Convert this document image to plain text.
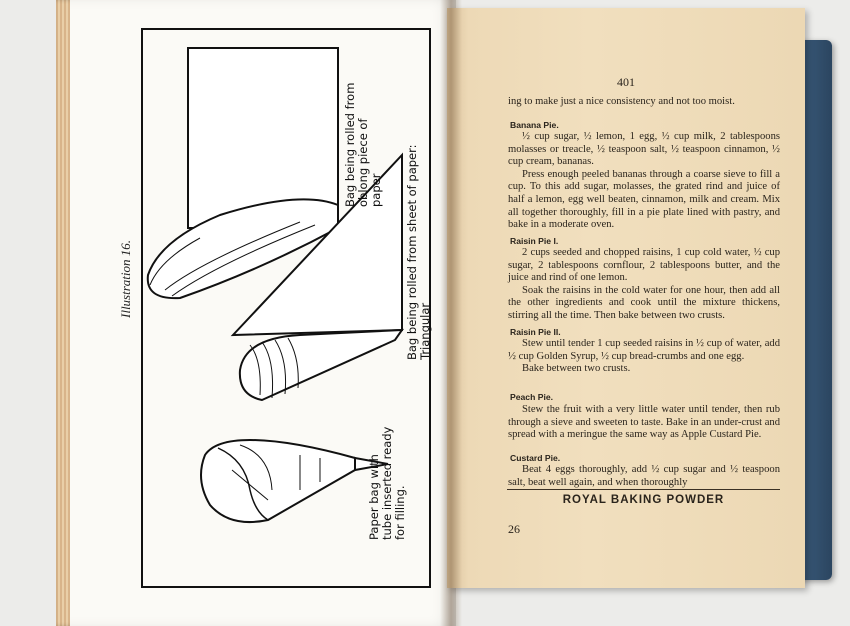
Illustration 16.
Bag being rolled from oblong piece of paper Bag being rolled from sheet of paper: Triangular
Paper bag with tube inserted ready for filling.
401
ing to make just a nice consistency and not too moist.
Banana Pie.

½ cup sugar, ½ lemon, 1 egg, ½ cup milk, 2 tablespoons molasses or treacle, ½ teaspoon salt, ½ teaspoon cinnamon, ½ cup cream, bananas.

Press enough peeled bananas through a coarse sieve to fill a cup. To this add sugar, molasses, the grated rind and juice of half a lemon, egg well beaten, cinnamon, milk and cream. Mix all together thoroughly, fill in a pie plate lined with pastry, and bake in a moderate oven.

Raisin Pie I.

2 cups seeded and chopped raisins, 1 cup cold water, ½ cup sugar, 2 tablespoons cornflour, 2 tablespoons butter, and the juice and rind of one lemon.

Soak the raisins in the cold water for one hour, then add all the other ingredients and cook until the mixture thickens, stirring all the time. Then bake between two crusts.

Raisin Pie II.

Stew until tender 1 cup seeded raisins in ½ cup of water, add ½ cup Golden Syrup, ½ cup bread-crumbs and one egg.

Bake between two crusts.

Peach Pie.

Stew the fruit with a very little water until tender, then rub through a sieve and sweeten to taste. Bake in an under-crust and spread with a meringue the same way as Apple Custard Pie.

Custard Pie.

Beat 4 eggs thoroughly, add ½ cup sugar and ½ teaspoon salt, beat well again, and when thoroughly

ROYAL BAKING POWDER
26
